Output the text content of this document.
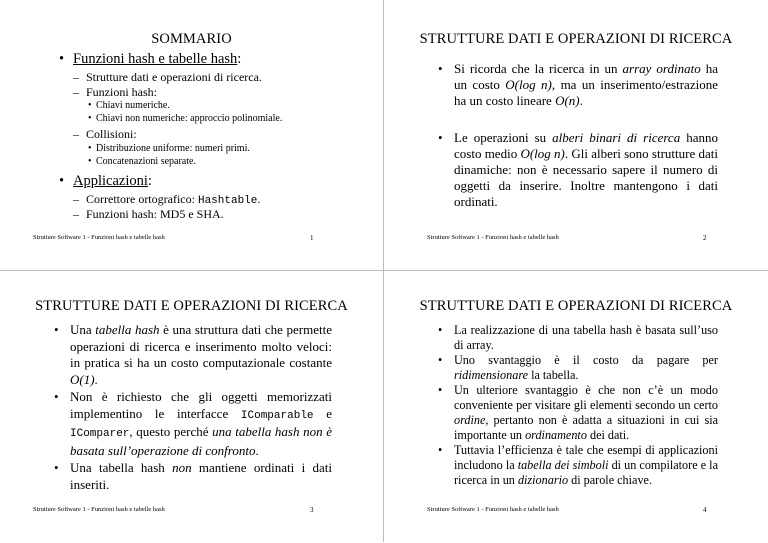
SOMMARIO
• Funzioni hash e tabelle hash:
– Strutture dati e operazioni di ricerca.
– Funzioni hash:
• Chiavi numeriche.
• Chiavi non numeriche: approccio polinomiale.
– Collisioni:
• Distribuzione uniforme: numeri primi.
• Concatenazioni separate.
• Applicazioni:
– Correttore ortografico: Hashtable.
– Funzioni hash: MD5 e SHA.
Strutture Software 1 - Funzioni hash e tabelle hash	1
STRUTTURE DATI E OPERAZIONI DI RICERCA
• Si ricorda che la ricerca in un array ordinato ha un costo O(log n), ma un inserimento/estrazione ha un costo lineare O(n).
• Le operazioni su alberi binari di ricerca hanno costo medio O(log n). Gli alberi sono strutture dati dinamiche: non è necessario sapere il numero di oggetti da inserire. Inoltre mantengono i dati ordinati.
Strutture Software 1 - Funzioni hash e tabelle hash	2
STRUTTURE DATI E OPERAZIONI DI RICERCA
• Una tabella hash è una struttura dati che permette operazioni di ricerca e inserimento molto veloci: in pratica si ha un costo computazionale costante O(1).
• Non è richiesto che gli oggetti memorizzati implementino le interfacce IComparable e IComparer, questo perché una tabella hash non è basata sull’operazione di confronto.
• Una tabella hash non mantiene ordinati i dati inseriti.
Strutture Software 1 - Funzioni hash e tabelle hash	3
STRUTTURE DATI E OPERAZIONI DI RICERCA
• La realizzazione di una tabella hash è basata sull’uso di array.
• Uno svantaggio è il costo da pagare per ridimensionare la tabella.
• Un ulteriore svantaggio è che non c’è un modo conveniente per visitare gli elementi secondo un certo ordine, pertanto non è adatta a situazioni in cui sia importante un ordinamento dei dati.
• Tuttavia l’efficienza è tale che esempi di applicazioni includono la tabella dei simboli di un compilatore e la ricerca in un dizionario di parole chiave.
Strutture Software 1 - Funzioni hash e tabelle hash	4
